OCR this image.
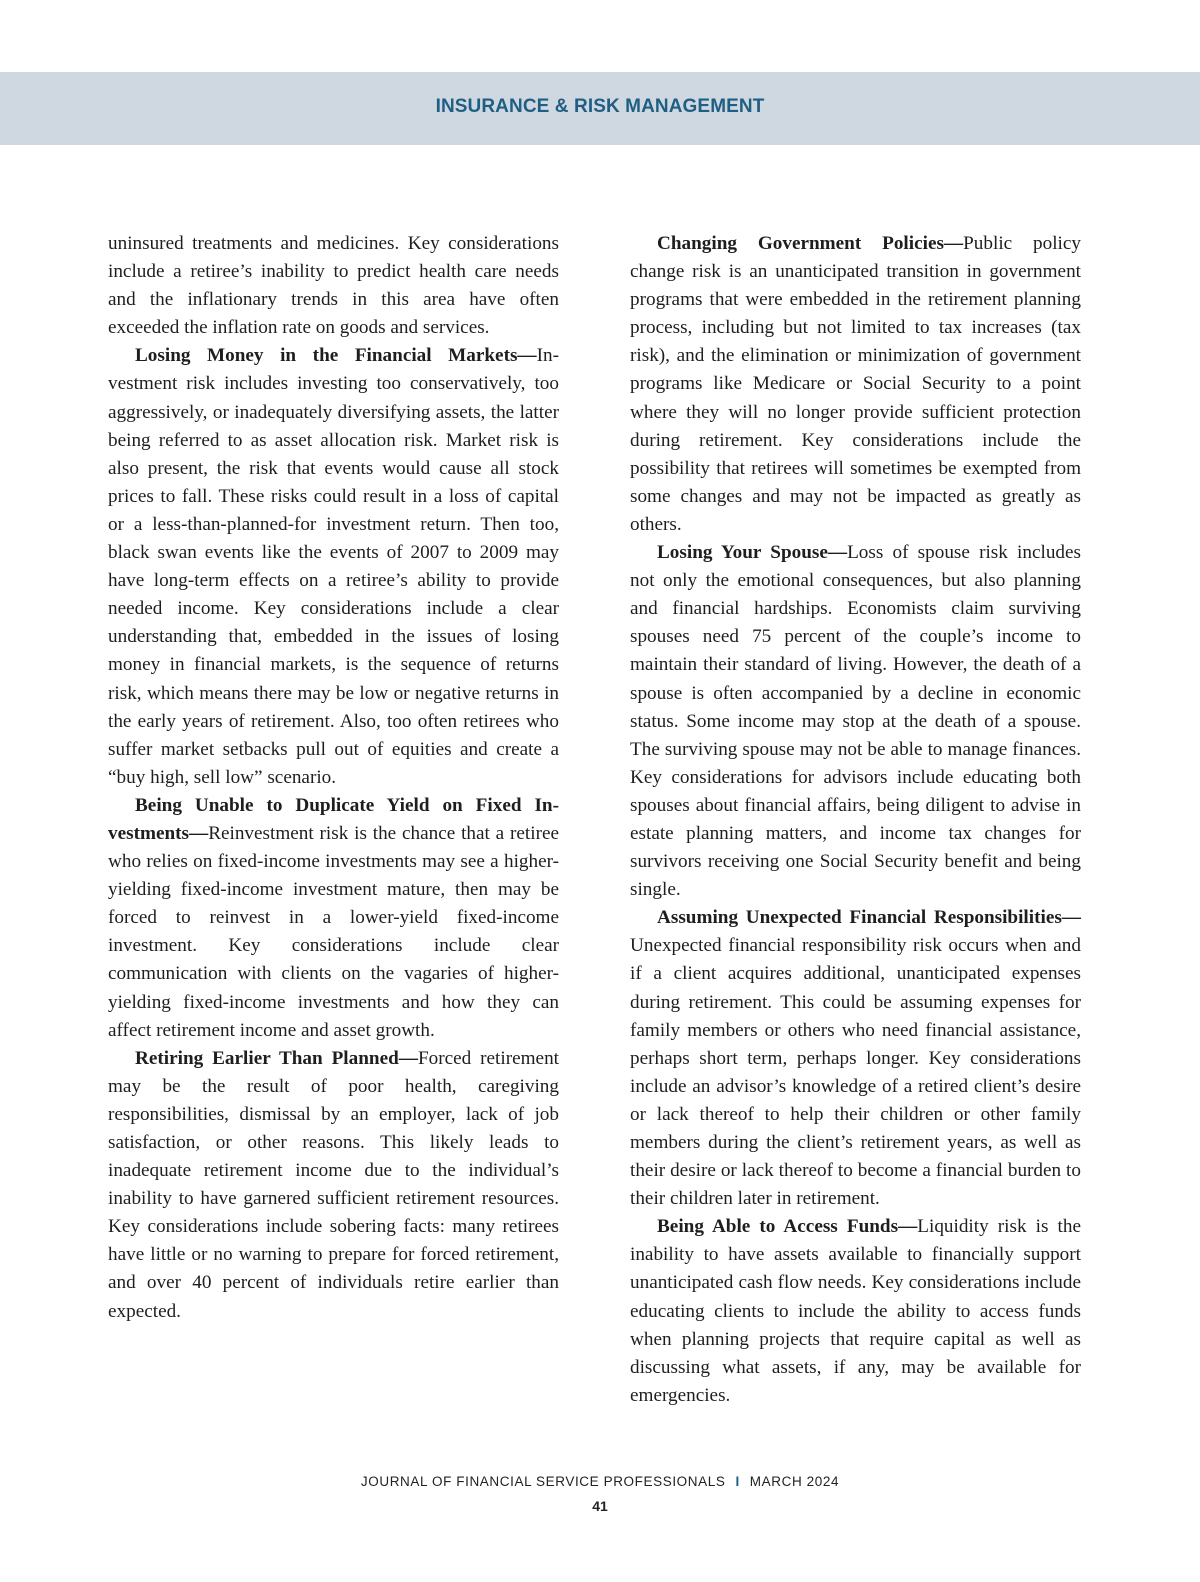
INSURANCE & RISK MANAGEMENT

uninsured treatments and medicines. Key considerations include a retiree’s inability to predict health care needs and the inflationary trends in this area have often exceeded the inflation rate on goods and services.

Losing Money in the Financial Markets—Investment risk includes investing too conservatively, too aggressively, or inadequately diversifying assets, the latter being referred to as asset allocation risk. Market risk is also present, the risk that events would cause all stock prices to fall. These risks could result in a loss of capital or a less-than-planned-for investment return. Then too, black swan events like the events of 2007 to 2009 may have long-term effects on a retiree’s ability to provide needed income. Key considerations include a clear understanding that, embedded in the issues of losing money in financial markets, is the sequence of returns risk, which means there may be low or negative returns in the early years of retirement. Also, too often retirees who suffer market setbacks pull out of equities and create a “buy high, sell low” scenario.

Being Unable to Duplicate Yield on Fixed Investments—Reinvestment risk is the chance that a retiree who relies on fixed-income investments may see a higher-yielding fixed-income investment mature, then may be forced to reinvest in a lower-yield fixed-income investment. Key considerations include clear communication with clients on the vagaries of higher-yielding fixed-income investments and how they can affect retirement income and asset growth.

Retiring Earlier Than Planned—Forced retirement may be the result of poor health, caregiving responsibilities, dismissal by an employer, lack of job satisfaction, or other reasons. This likely leads to inadequate retirement income due to the individual’s inability to have garnered sufficient retirement resources. Key considerations include sobering facts: many retirees have little or no warning to prepare for forced retirement, and over 40 percent of individuals retire earlier than expected.

Changing Government Policies—Public policy change risk is an unanticipated transition in government programs that were embedded in the retirement planning process, including but not limited to tax increases (tax risk), and the elimination or minimization of government programs like Medicare or Social Security to a point where they will no longer provide sufficient protection during retirement. Key considerations include the possibility that retirees will sometimes be exempted from some changes and may not be impacted as greatly as others.

Losing Your Spouse—Loss of spouse risk includes not only the emotional consequences, but also planning and financial hardships. Economists claim surviving spouses need 75 percent of the couple’s income to maintain their standard of living. However, the death of a spouse is often accompanied by a decline in economic status. Some income may stop at the death of a spouse. The surviving spouse may not be able to manage finances. Key considerations for advisors include educating both spouses about financial affairs, being diligent to advise in estate planning matters, and income tax changes for survivors receiving one Social Security benefit and being single.

Assuming Unexpected Financial Responsibilities—Unexpected financial responsibility risk occurs when and if a client acquires additional, unanticipated expenses during retirement. This could be assuming expenses for family members or others who need financial assistance, perhaps short term, perhaps longer. Key considerations include an advisor’s knowledge of a retired client’s desire or lack thereof to help their children or other family members during the client’s retirement years, as well as their desire or lack thereof to become a financial burden to their children later in retirement.

Being Able to Access Funds—Liquidity risk is the inability to have assets available to financially support unanticipated cash flow needs. Key considerations include educating clients to include the ability to access funds when planning projects that require capital as well as discussing what assets, if any, may be available for emergencies.

JOURNAL OF FINANCIAL SERVICE PROFESSIONALS I MARCH 2024
41
